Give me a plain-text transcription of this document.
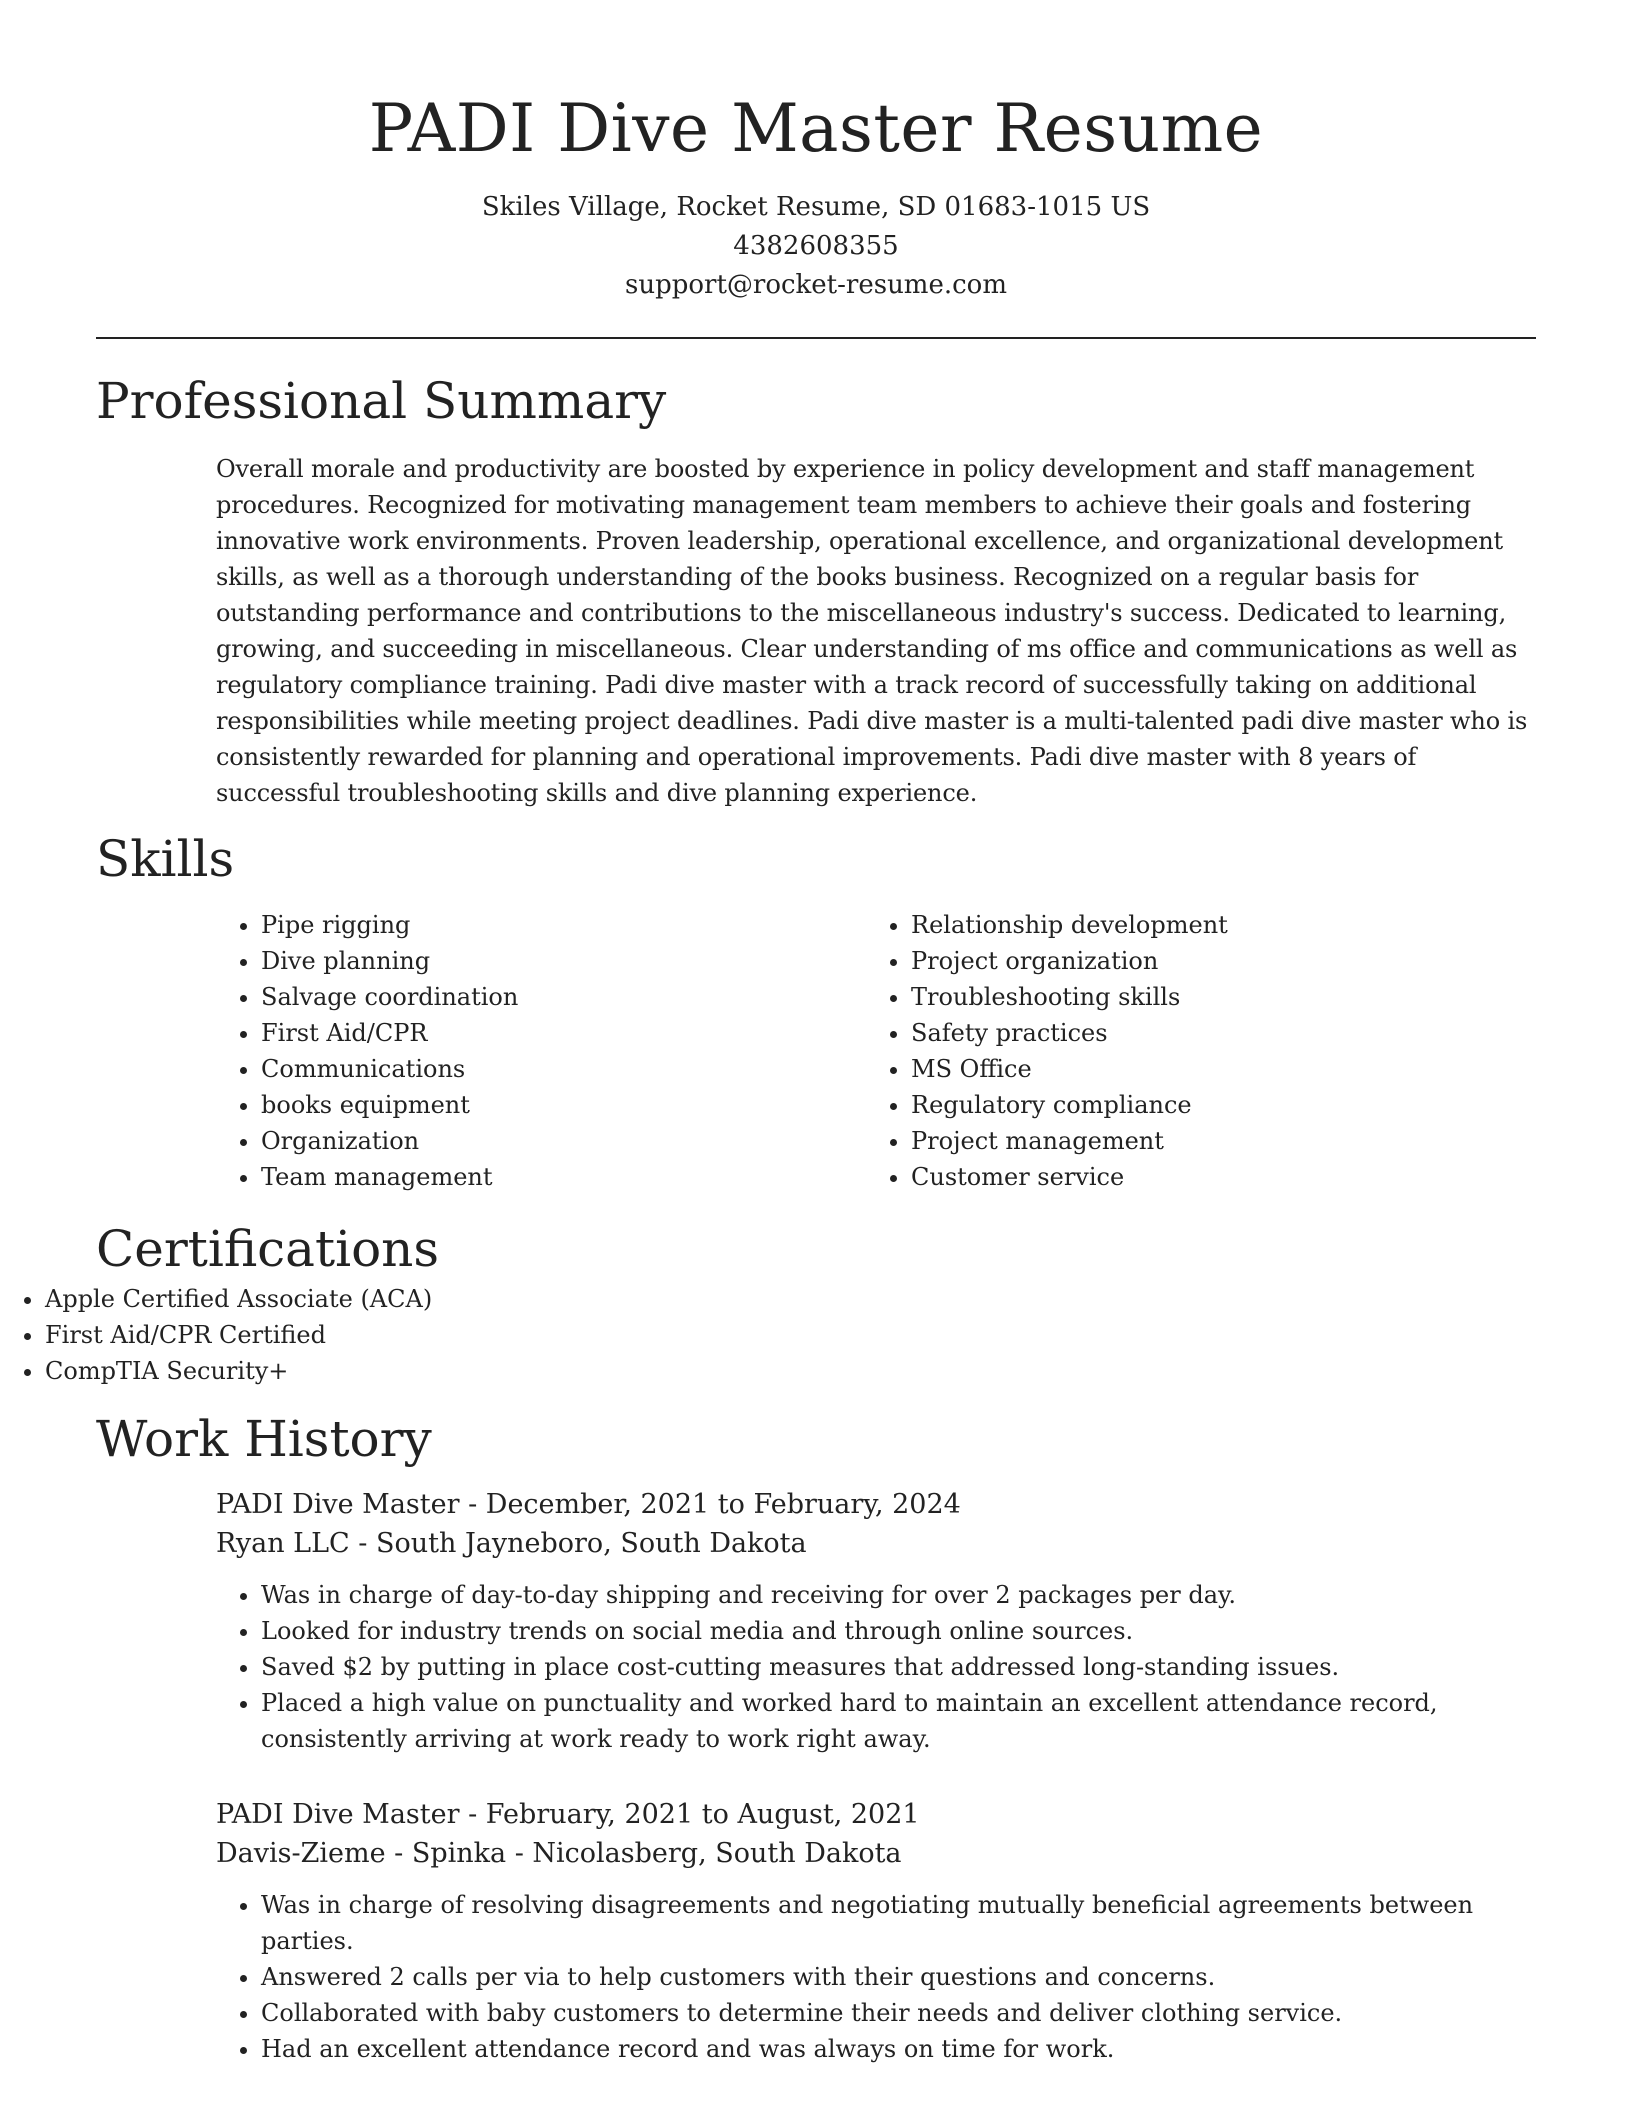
PADI Dive Master Resume
Skiles Village, Rocket Resume, SD 01683-1015 US
4382608355
support@rocket-resume.com
Professional Summary

Overall morale and productivity are boosted by experience in policy development and staff management procedures. Recognized for motivating management team members to achieve their goals and fostering innovative work environments. Proven leadership, operational excellence, and organizational development skills, as well as a thorough understanding of the books business. Recognized on a regular basis for outstanding performance and contributions to the miscellaneous industry's success. Dedicated to learning, growing, and succeeding in miscellaneous. Clear understanding of ms office and communications as well as regulatory compliance training. Padi dive master with a track record of successfully taking on additional responsibilities while meeting project deadlines. Padi dive master is a multi-talented padi dive master who is consistently rewarded for planning and operational improvements. Padi dive master with 8 years of successful troubleshooting skills and dive planning experience.

Skills
• Pipe rigging
• Dive planning
• Salvage coordination
• First Aid/CPR
• Communications
• books equipment
• Organization
• Team management
• Relationship development
• Project organization
• Troubleshooting skills
• Safety practices
• MS Office
• Regulatory compliance
• Project management
• Customer service
Certifications
• Apple Certified Associate (ACA)
• First Aid/CPR Certified
• CompTIA Security+
Work History
PADI Dive Master - December, 2021 to February, 2024
Ryan LLC - South Jayneboro, South Dakota
• Was in charge of day-to-day shipping and receiving for over 2 packages per day.
• Looked for industry trends on social media and through online sources.
• Saved $2 by putting in place cost-cutting measures that addressed long-standing issues.
• Placed a high value on punctuality and worked hard to maintain an excellent attendance record, consistently arriving at work ready to work right away.
PADI Dive Master - February, 2021 to August, 2021
Davis-Zieme - Spinka - Nicolasberg, South Dakota
• Was in charge of resolving disagreements and negotiating mutually beneficial agreements between parties.
• Answered 2 calls per via to help customers with their questions and concerns.
• Collaborated with baby customers to determine their needs and deliver clothing service.
• Had an excellent attendance record and was always on time for work.
